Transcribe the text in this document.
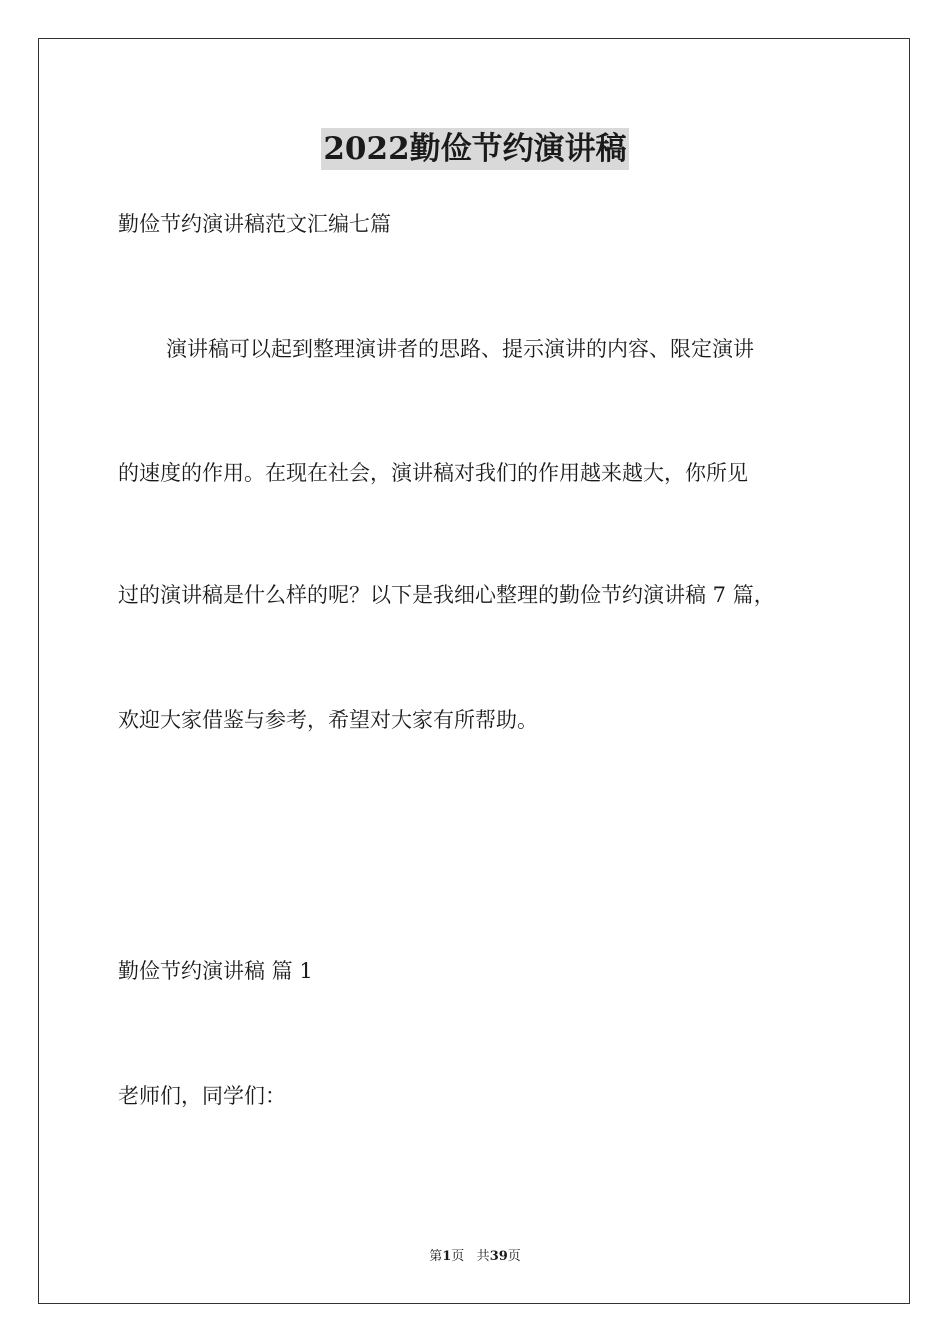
2022勤俭节约演讲稿
勤俭节约演讲稿范文汇编七篇
演讲稿可以起到整理演讲者的思路、提示演讲的内容、限定演讲
的速度的作用。在现在社会，演讲稿对我们的作用越来越大，你所见
过的演讲稿是什么样的呢？以下是我细心整理的勤俭节约演讲稿 7 篇，
欢迎大家借鉴与参考，希望对大家有所帮助。
勤俭节约演讲稿 篇 1
老师们，同学们：
第1页 共39页
